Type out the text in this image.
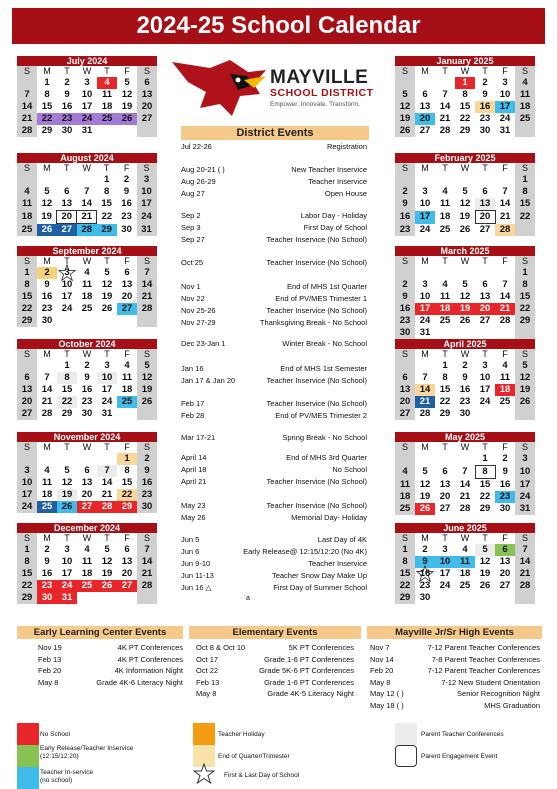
2024-25 School Calendar
MAYVILLE
SCHOOL DISTRICT
Empower. Innovate. Transform.
July 2024
S	M	T	W	T	F	S
	1	2	3	4	5	6
7	8	9	10	11	12	13
14	15	16	17	18	19	20
21	22	23	24	25	26	27
28	29	30	31			
August 2024
S	M	T	W	T	F	S
				1	2	3
4	5	6	7	8	9	10
11	12	13	14	15	16	17
18	19	20	21	22	23	24
25	26	27	28	29	30	31
September 2024
S	M	T	W	T	F	S
1	2	3	4	5	6	7
8	9	10	11	12	13	14
15	16	17	18	19	20	21
22	23	24	25	26	27	28
29	30					
October 2024
S	M	T	W	T	F	S
		1	2	3	4	5
6	7	8	9	10	11	12
13	14	15	16	17	18	19
20	21	22	23	24	25	26
27	28	29	30	31		
November 2024
S	M	T	W	T	F	S
					1	2
3	4	5	6	7	8	9
10	11	12	13	14	15	16
17	18	19	20	21	22	23
24	25	26	27	28	29	30
December 2024
S	M	T	W	T	F	S
1	2	3	4	5	6	7
8	9	10	11	12	13	14
15	16	17	18	19	20	21
22	23	24	25	26	27	28
29	30	31				
January 2025
S	M	T	W	T	F	S
			1	2	3	4
5	6	7	8	9	10	11
12	13	14	15	16	17	18
19	20	21	22	23	24	25
26	27	28	29	30	31	
February 2025
S	M	T	W	T	F	S
						1
2	3	4	5	6	7	8
9	10	11	12	13	14	15
16	17	18	19	20	21	22
23	24	25	26	27	28	
March 2025
S	M	T	W	T	F	S
						1
2	3	4	5	6	7	8
9	10	11	12	13	14	15
16	17	18	19	20	21	22
23	24	25	26	27	28	29
30	31					
April 2025
S	M	T	W	T	F	S
		1	2	3	4	5
6	7	8	9	10	11	12
13	14	15	16	17	18	19
20	21	22	23	24	25	26
27	28	29	30			
May 2025
S	M	T	W	T	F	S
				1	2	3
4	5	6	7	8	9	10
11	12	13	14	15	16	17
18	19	20	21	22	23	24
25	26	27	28	29	30	31
June 2025
S	M	T	W	T	F	S
1	2	3	4	5	6	7
8	9	10	11	12	13	14
15	16	17	18	19	20	21
22	23	24	25	26	27	28
29	30					
District Events
Jul 22-26	Registration
Aug 20-21 ( )	New Teacher Inservice
Aug 26-29	Teacher Inservice
Aug 27	Open House
Sep 2	Labor Day - Holiday
Sep 3	First Day of School
Sep 27	Teacher Inservice (No School)
Oct 25	Teacher Inservice (No School)
Nov 1	End of MHS 1st Quarter
Nov 22	End of PV/MES Trimester 1
Nov 25-26	Teacher Inservice (No School)
Nov 27-29	Thanksgiving Break - No School
Dec 23-Jan 1	Winter Break - No School
Jan 16	End of MHS 1st Semester
Jan 17 & Jan 20	Teacher Inservice (No School)
Feb 17	Teacher Inservice (No School)
Feb 28	End of PV/MES Trimester 2
Mar 17-21	Spring Break - No School
April 14	End of MHS 3rd Quarter
April 18	No School
April 21	Teacher Inservice (No School)
May 23	Teacher Inservice (No School)
May 26	Memorial Day- Holiday
Jun 5	Last Day of 4K
Jun 6	Early Release@ 12:15/12:20 (No 4K)
Jun 9-10	Teacher Inservice
Jun 11-13	Teacher Snow Day Make Up
Jun 16 △	First Day of Summer School
a
Early Learning Center Events	Elementary Events	Mayville Jr/Sr High Events
Nov 19	4K PT Conferences
Feb 13	4K PT Conferences
Feb 20	4K Information Night
May 8	Grade 4K-6 Literacy Night
Oct 8 & Oct 10	5K PT Conferences
Oct 17	Grade 1-6 PT Conferences
Oct 22	Grade 5K-6 PT Conferences
Feb 13	Grade 1-6 PT Conferences
May 8	Grade 4K-5 Literacy Night
Nov 7	7-12 Parent Teacher Conferences
Nov 14	7-8 Parent Teacher Conferences
Feb 20	7-12 Parent Teacher Conferences
May 8	7-12 New Student Orientation
May 12 ( )	Senior Recognition Night
May 18 ( )	MHS Graduation
No School
Early Release/Teacher Inservice (12:15/12:20)
Teacher In-service (no school)
Teacher Holiday
End of Quarter/Trimester
First & Last Day of School
Parent Teacher Conferences
Parent Engagement Event
